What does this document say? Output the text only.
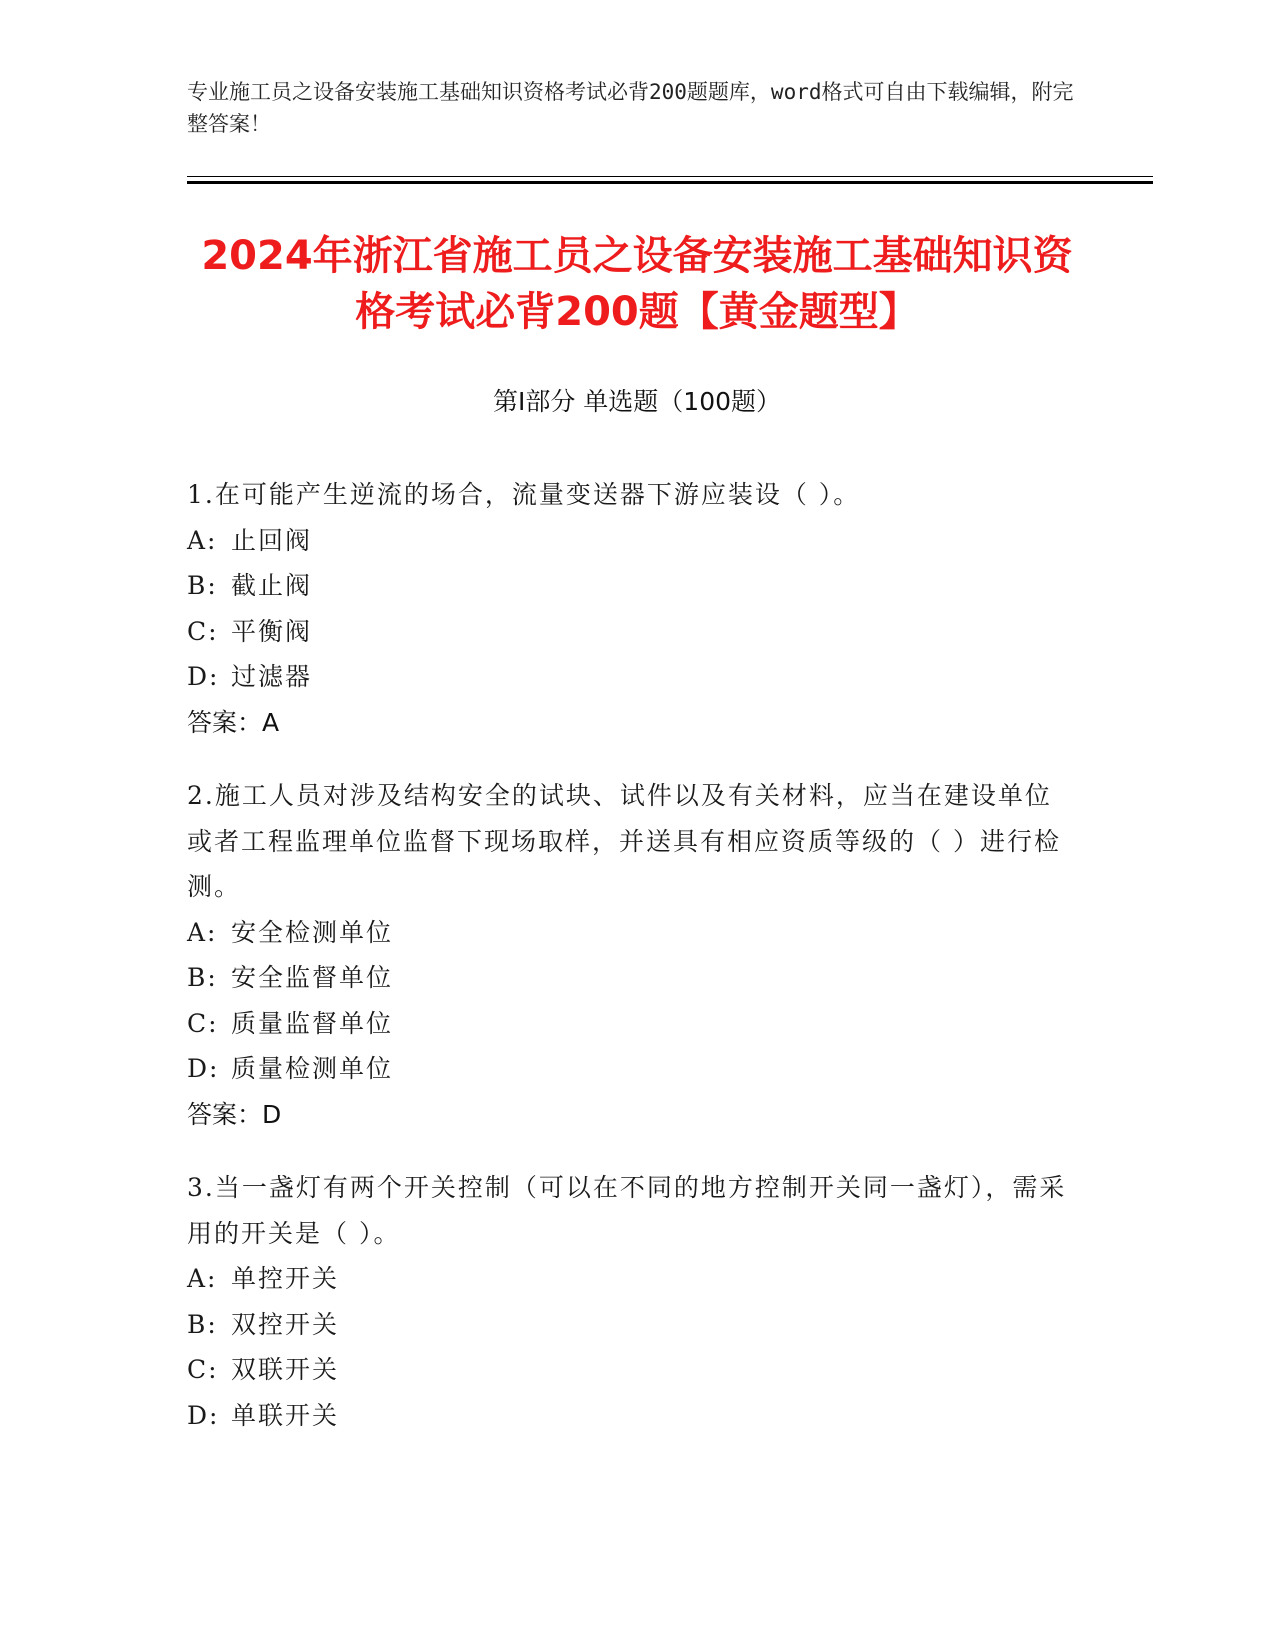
专业施工员之设备安装施工基础知识资格考试必背200题题库，word格式可自由下载编辑，附完整答案！
2024年浙江省施工员之设备安装施工基础知识资格考试必背200题【黄金题型】
第Ⅰ部分 单选题（100题）
1.在可能产生逆流的场合，流量变送器下游应装设（ ）。
A: 止回阀
B: 截止阀
C: 平衡阀
D: 过滤器
答案：A
2.施工人员对涉及结构安全的试块、试件以及有关材料，应当在建设单位或者工程监理单位监督下现场取样，并送具有相应资质等级的（ ）进行检测。
A: 安全检测单位
B: 安全监督单位
C: 质量监督单位
D: 质量检测单位
答案：D
3.当一盏灯有两个开关控制（可以在不同的地方控制开关同一盏灯），需采用的开关是（ ）。
A: 单控开关
B: 双控开关
C: 双联开关
D: 单联开关
